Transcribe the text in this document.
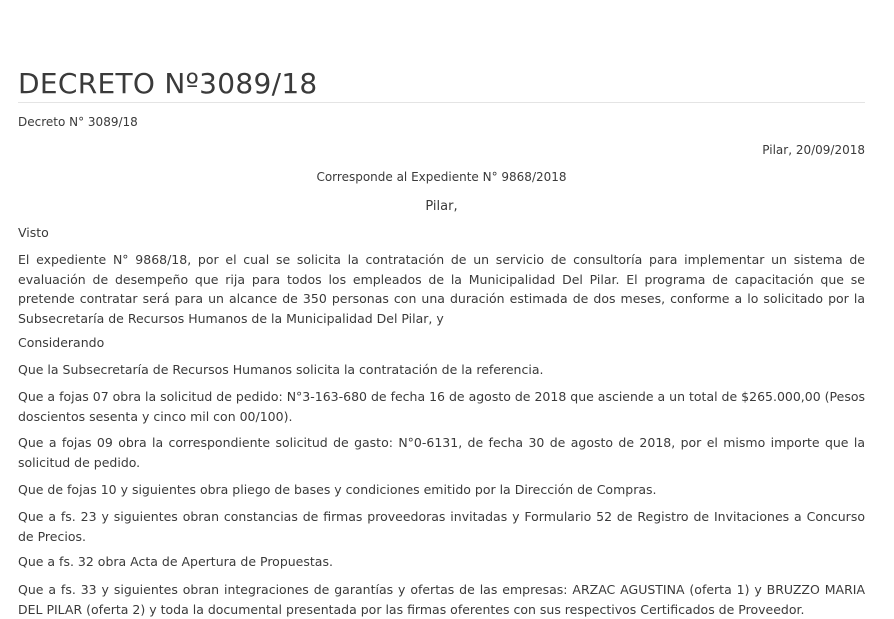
DECRETO Nº3089/18
Decreto N° 3089/18
Pilar, 20/09/2018
Corresponde al Expediente N° 9868/2018
Pilar,
Visto

El expediente N° 9868/18, por el cual se solicita la contratación de un servicio de consultoría para implementar un sistema de evaluación de desempeño que rija para todos los empleados de la Municipalidad Del Pilar. El programa de capacitación que se pretende contratar será para un alcance de 350 personas con una duración estimada de dos meses, conforme a lo solicitado por la Subsecretaría de Recursos Humanos de la Municipalidad Del Pilar, y

Considerando

Que la Subsecretaría de Recursos Humanos solicita la contratación de la referencia.

Que a fojas 07 obra la solicitud de pedido: N°3-163-680 de fecha 16 de agosto de 2018 que asciende a un total de $265.000,00 (Pesos doscientos sesenta y cinco mil con 00/100).

Que a fojas 09 obra la correspondiente solicitud de gasto: N°0-6131, de fecha 30 de agosto de 2018, por el mismo importe que la solicitud de pedido.

Que de fojas 10 y siguientes obra pliego de bases y condiciones emitido por la Dirección de Compras.

Que a fs. 23 y siguientes obran constancias de firmas proveedoras invitadas y Formulario 52 de Registro de Invitaciones a Concurso de Precios.

Que a fs. 32 obra Acta de Apertura de Propuestas.

Que a fs. 33 y siguientes obran integraciones de garantías y ofertas de las empresas: ARZAC AGUSTINA (oferta 1) y BRUZZO MARIA DEL PILAR (oferta 2) y toda la documental presentada por las firmas oferentes con sus respectivos Certificados de Proveedor.
